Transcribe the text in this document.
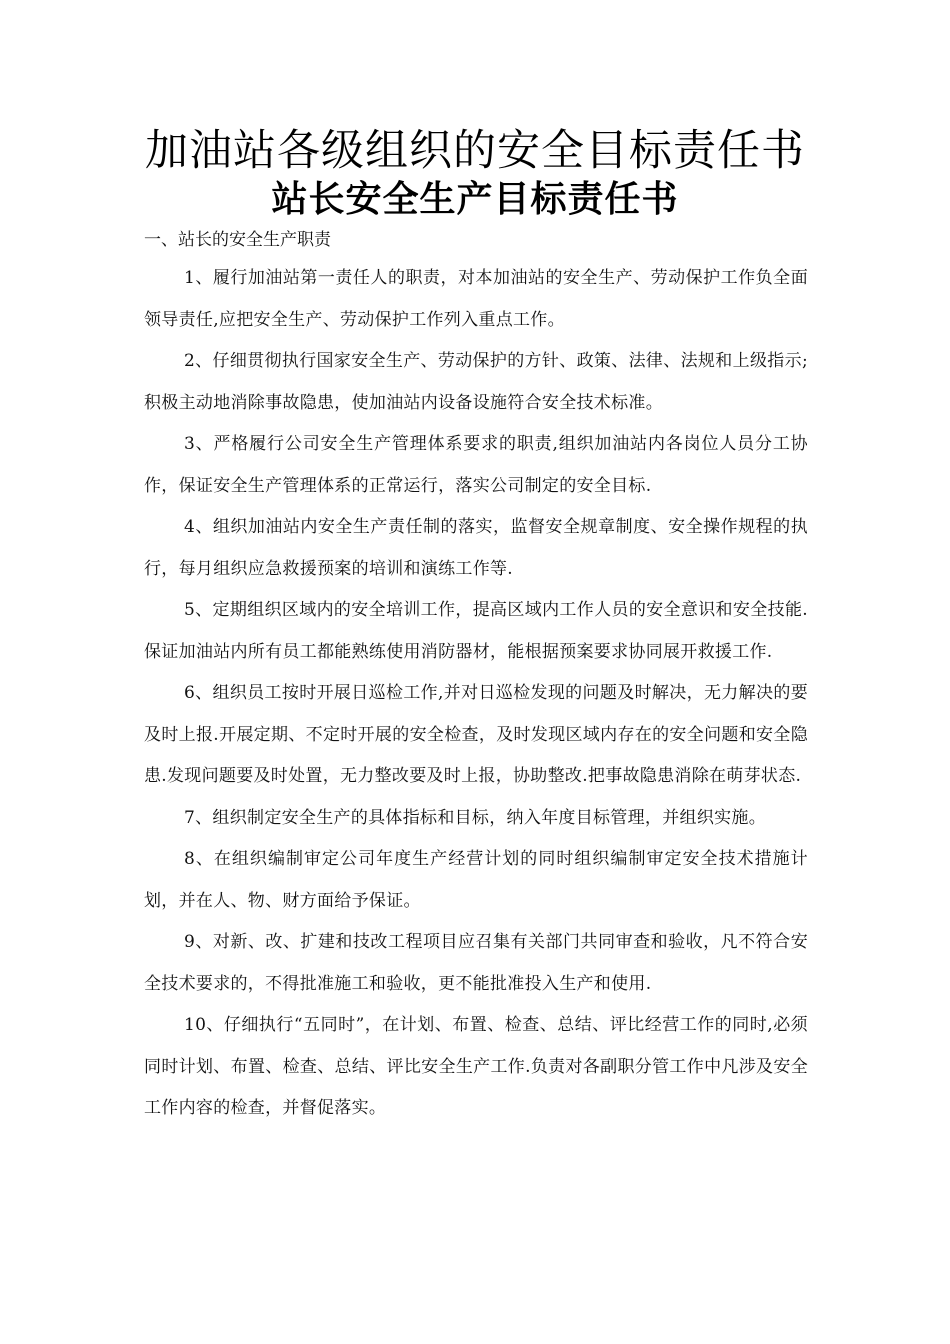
加油站各级组织的安全目标责任书
站长安全生产目标责任书

一、站长的安全生产职责

1、履行加油站第一责任人的职责，对本加油站的安全生产、劳动保护工作负全面领导责任,应把安全生产、劳动保护工作列入重点工作。

2、仔细贯彻执行国家安全生产、劳动保护的方针、政策、法律、法规和上级指示;积极主动地消除事故隐患，使加油站内设备设施符合安全技术标准。

3、严格履行公司安全生产管理体系要求的职责,组织加油站内各岗位人员分工协作，保证安全生产管理体系的正常运行，落实公司制定的安全目标.

4、组织加油站内安全生产责任制的落实，监督安全规章制度、安全操作规程的执行，每月组织应急救援预案的培训和演练工作等.

5、定期组织区域内的安全培训工作，提高区域内工作人员的安全意识和安全技能. 保证加油站内所有员工都能熟练使用消防器材，能根据预案要求协同展开救援工作.

6、组织员工按时开展日巡检工作,并对日巡检发现的问题及时解决，无力解决的要及时上报.开展定期、不定时开展的安全检查，及时发现区域内存在的安全问题和安全隐患.发现问题要及时处置，无力整改要及时上报，协助整改.把事故隐患消除在萌芽状态.

7、组织制定安全生产的具体指标和目标，纳入年度目标管理，并组织实施。

8、在组织编制审定公司年度生产经营计划的同时组织编制审定安全技术措施计划，并在人、物、财方面给予保证。

9、对新、改、扩建和技改工程项目应召集有关部门共同审查和验收，凡不符合安全技术要求的，不得批准施工和验收，更不能批准投入生产和使用.

10、仔细执行“五同时”，在计划、布置、检查、总结、评比经营工作的同时,必须同时计划、布置、检查、总结、评比安全生产工作.负责对各副职分管工作中凡涉及安全工作内容的检查，并督促落实。
